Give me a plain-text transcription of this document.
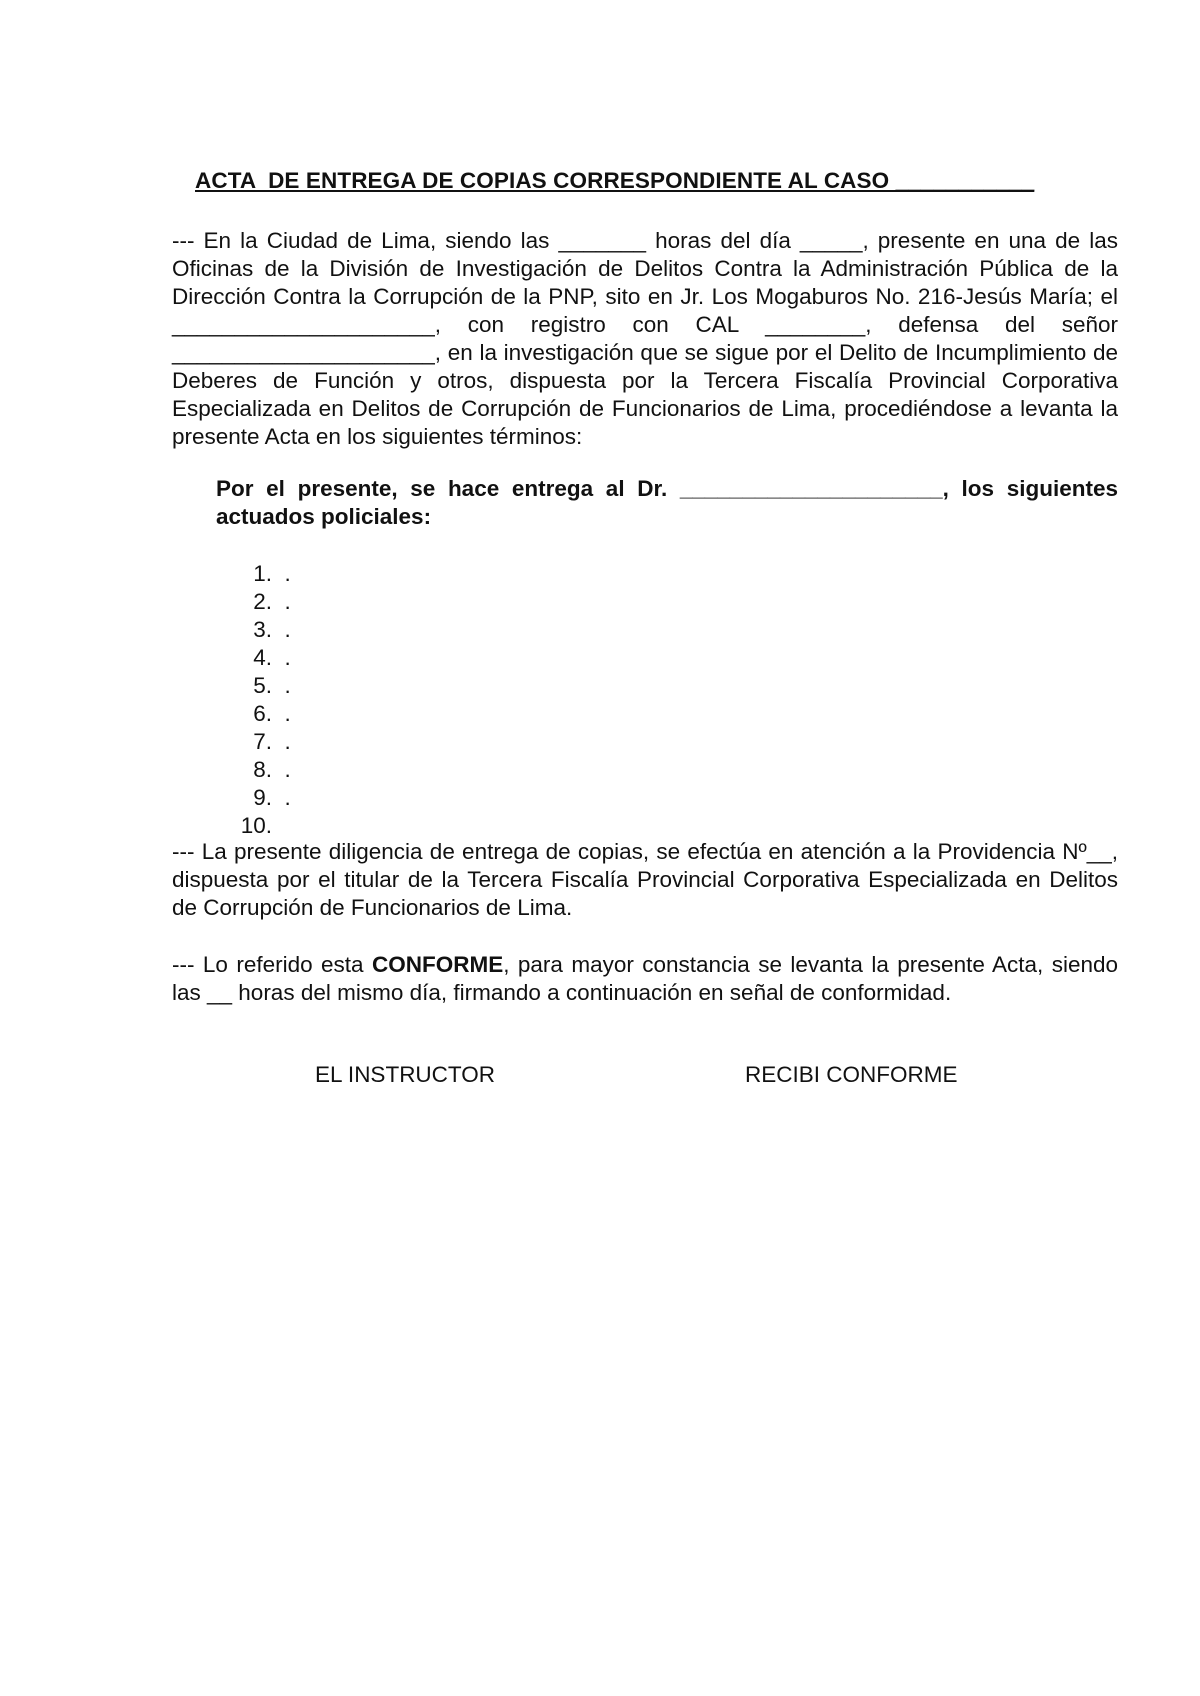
ACTA  DE ENTREGA DE COPIAS CORRESPONDIENTE AL CASO ___________

--- En la Ciudad de Lima, siendo las _______ horas del día _____, presente en una de las Oficinas de la División de Investigación de Delitos Contra la Administración Pública de la Dirección Contra la Corrupción de la PNP, sito en Jr. Los Mogaburos No. 216-Jesús María; el _____________________, con registro con CAL ________, defensa del señor _____________________, en la investigación que se sigue por el Delito de Incumplimiento de Deberes de Función y otros, dispuesta por la Tercera Fiscalía Provincial Corporativa Especializada en Delitos de Corrupción de Funcionarios de Lima, procediéndose a levanta la presente Acta en los siguientes términos:

Por el presente, se hace entrega al Dr. _____________________, los siguientes actuados policiales:

1. .
2. .
3. .
4. .
5. .
6. .
7. .
8. .
9. .
10.

--- La presente diligencia de entrega de copias, se efectúa en atención a la Providencia Nº__, dispuesta por el titular de la Tercera Fiscalía Provincial Corporativa Especializada en Delitos de Corrupción de Funcionarios de Lima.

--- Lo referido esta CONFORME, para mayor constancia se levanta la presente Acta, siendo las __ horas del mismo día, firmando a continuación en señal de conformidad.

EL INSTRUCTOR	RECIBI CONFORME
